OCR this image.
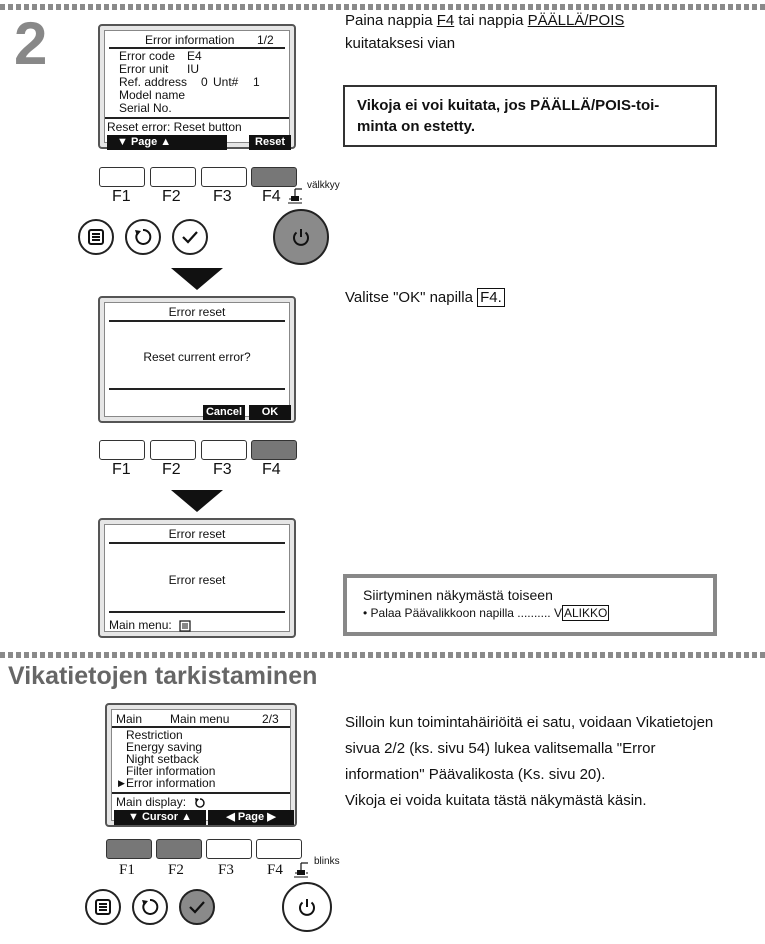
2	Error information 1/2
Error code E4
Error unit IU
Ref. address 0 Unt# 1
Model name
Serial No.
Reset error: Reset button
▼ Page ▲	Reset
Paina nappia F4 tai nappia PÄÄLLÄ/POIS
kuitataksesi vian
Vikoja ei voi kuitata, jos PÄÄLLÄ/POIS-toi-
minta on estetty.
F1 F2 F3 F4
välkkyy
Error reset
Reset current error?
Cancel	OK
Valitse "OK" napilla F4.
F1 F2 F3 F4
Error reset
Error reset
Main menu:
Siirtyminen näkymästä toiseen
• Palaa Päävalikkoon napilla .......... V ALIKKO
Vikatietojen tarkistaminen
Main Main menu	2/3
Restriction
Energy saving
Night setback
Filter information
▶ Error information
Main display:
▼ Cursor ▲	◀ Page ▶
Silloin kun toimintahäiriöitä ei satu, voidaan Vikatietojen
sivua 2/2 (ks. sivu 54) lukea valitsemalla "Error
information" Päävalikosta (Ks. sivu 20).
Vikoja ei voida kuitata tästä näkymästä käsin.
F1 F2 F3 F4
blinks
